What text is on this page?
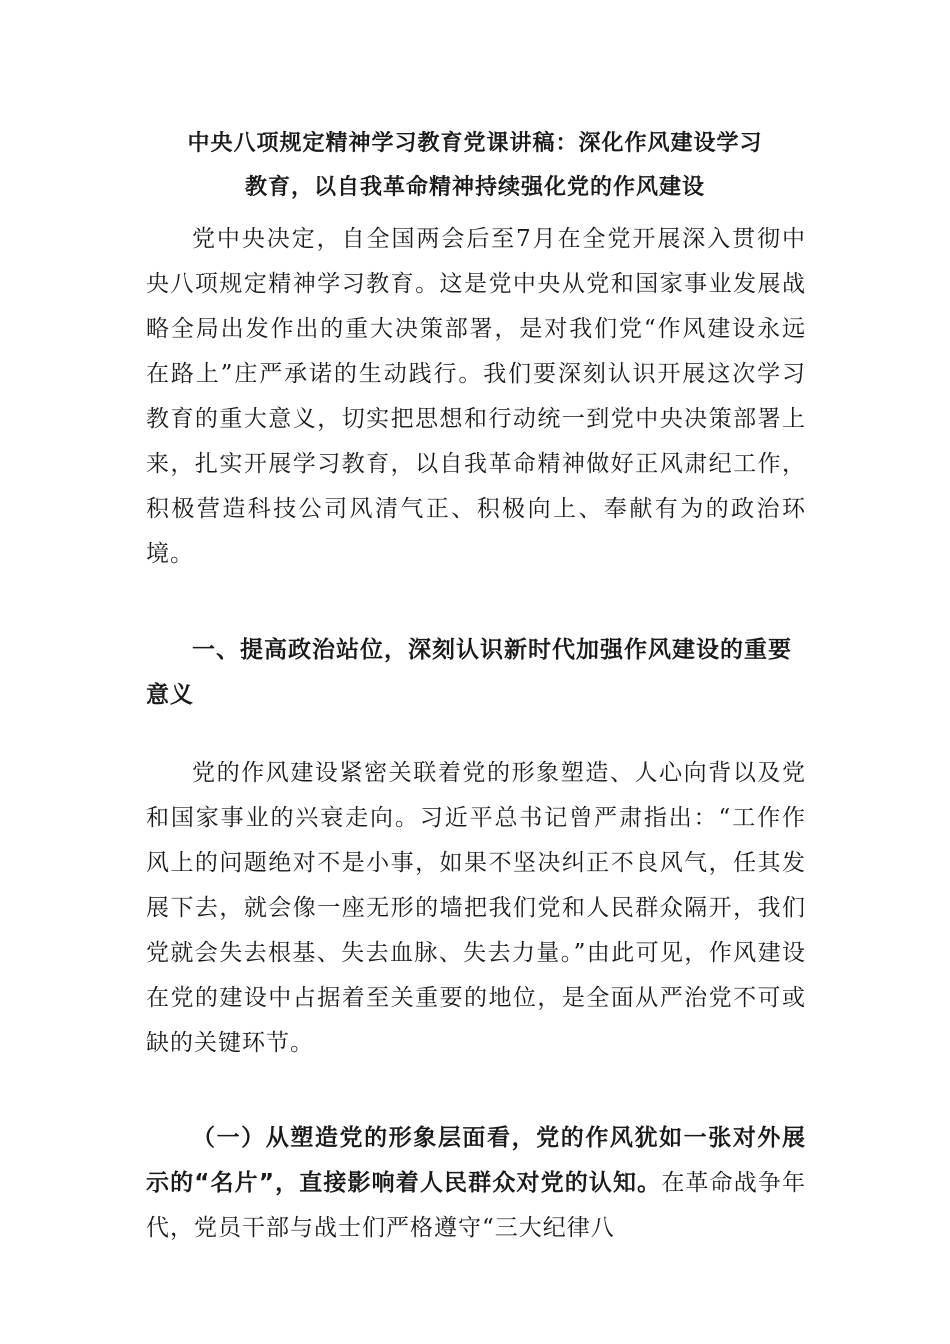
中央八项规定精神学习教育党课讲稿：深化作风建设学习
教育，以自我革命精神持续强化党的作风建设

党中央决定，自全国两会后至7月在全党开展深入贯彻中央八项规定精神学习教育。这是党中央从党和国家事业发展战略全局出发作出的重大决策部署，是对我们党“作风建设永远在路上”庄严承诺的生动践行。我们要深刻认识开展这次学习教育的重大意义，切实把思想和行动统一到党中央决策部署上来，扎实开展学习教育，以自我革命精神做好正风肃纪工作，积极营造科技公司风清气正、积极向上、奉献有为的政治环境。

一、提高政治站位，深刻认识新时代加强作风建设的重要意义

党的作风建设紧密关联着党的形象塑造、人心向背以及党和国家事业的兴衰走向。习近平总书记曾严肃指出：“工作作风上的问题绝对不是小事，如果不坚决纠正不良风气，任其发展下去，就会像一座无形的墙把我们党和人民群众隔开，我们党就会失去根基、失去血脉、失去力量。”由此可见，作风建设在党的建设中占据着至关重要的地位，是全面从严治党不可或缺的关键环节。

（一）从塑造党的形象层面看，党的作风犹如一张对外展示的“名片”，直接影响着人民群众对党的认知。在革命战争年代，党员干部与战士们严格遵守“三大纪律八
